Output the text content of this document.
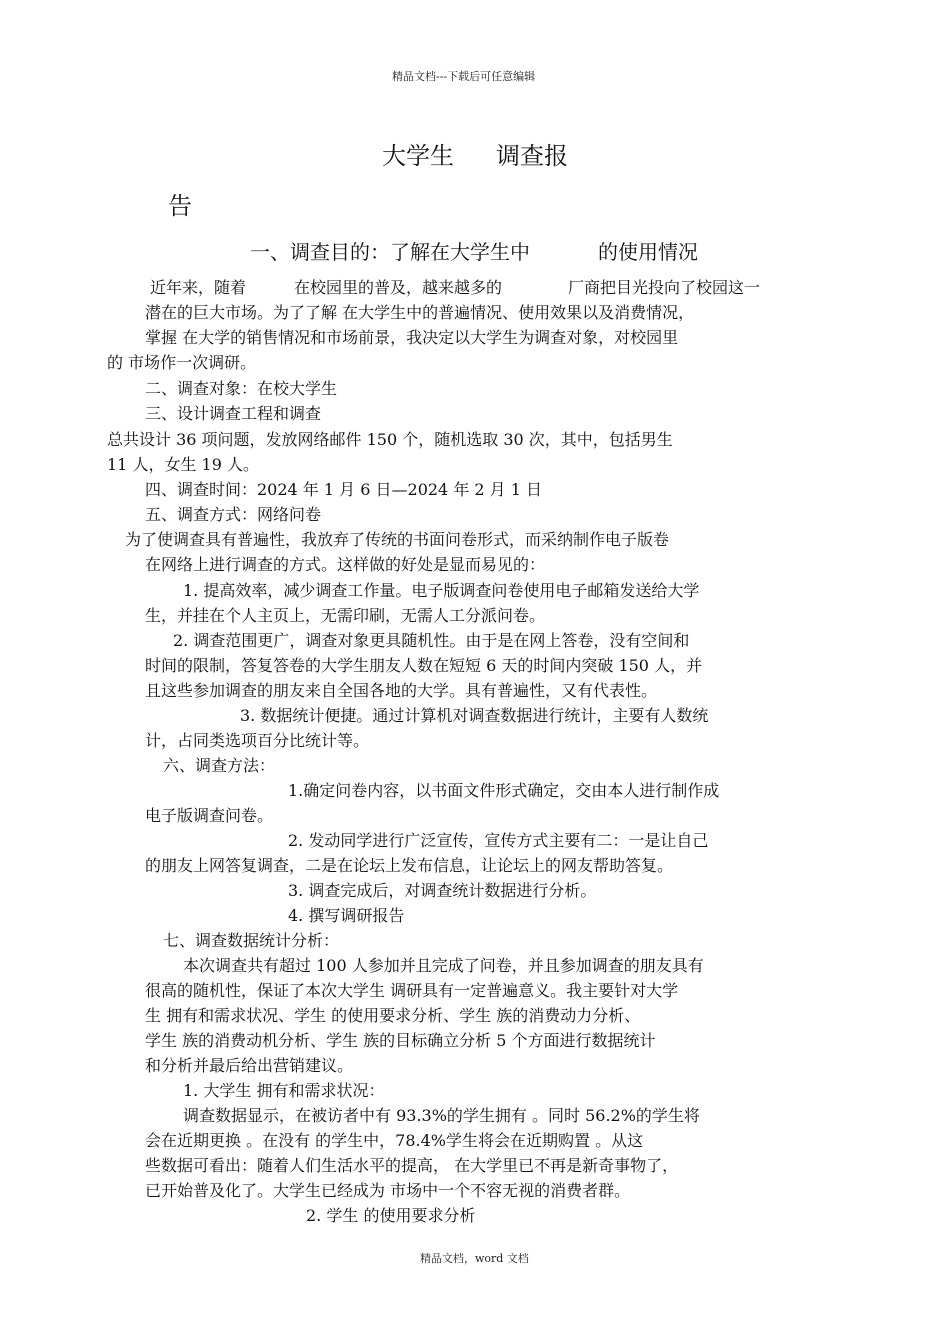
精品文档---下载后可任意编辑
大学生 调查报
告
一、调查目的：了解在大学生中	的使用情况
近年来，随着	在校园里的普及，越来越多的	厂商把目光投向了校园这一
潜在的巨大市场。为了了解 在大学生中的普遍情况、使用效果以及消费情况，
掌握 在大学的销售情况和市场前景，我决定以大学生为调查对象，对校园里
的 市场作一次调研。
二、调查对象：在校大学生
三、设计调查工程和调查
总共设计 36 项问题，发放网络邮件 150 个，随机选取 30 次，其中，包括男生
11 人，女生 19 人。
四、调查时间：2024 年 1 月 6 日—2024 年 2 月 1 日
五、调查方式：网络问卷
为了使调查具有普遍性，我放弃了传统的书面问卷形式，而采纳制作电子版卷
在网络上进行调查的方式。这样做的好处是显而易见的：
1. 提高效率，减少调查工作量。电子版调查问卷使用电子邮箱发送给大学
生，并挂在个人主页上，无需印刷，无需人工分派问卷。
2. 调查范围更广，调查对象更具随机性。由于是在网上答卷，没有空间和
时间的限制，答复答卷的大学生朋友人数在短短 6 天的时间内突破 150 人，并
且这些参加调查的朋友来自全国各地的大学。具有普遍性，又有代表性。
3. 数据统计便捷。通过计算机对调查数据进行统计，主要有人数统
计，占同类选项百分比统计等。
六、调查方法：
1.确定问卷内容，以书面文件形式确定，交由本人进行制作成
电子版调查问卷。
2. 发动同学进行广泛宣传，宣传方式主要有二：一是让自己
的朋友上网答复调查，二是在论坛上发布信息，让论坛上的网友帮助答复。
3. 调查完成后，对调查统计数据进行分析。
4. 撰写调研报告
七、调查数据统计分析：
本次调查共有超过 100 人参加并且完成了问卷，并且参加调查的朋友具有
很高的随机性，保证了本次大学生 调研具有一定普遍意义。我主要针对大学
生 拥有和需求状况、学生 的使用要求分析、学生 族的消费动力分析、
学生 族的消费动机分析、学生 族的目标确立分析 5 个方面进行数据统计
和分析并最后给出营销建议。
1. 大学生 拥有和需求状况：
调查数据显示，在被访者中有 93.3%的学生拥有 。同时 56.2%的学生将
会在近期更换 。在没有 的学生中，78.4%学生将会在近期购置 。从这
些数据可看出：随着人们生活水平的提高， 在大学里已不再是新奇事物了，
已开始普及化了。大学生已经成为 市场中一个不容无视的消费者群。
2. 学生 的使用要求分析
精品文档，word 文档
